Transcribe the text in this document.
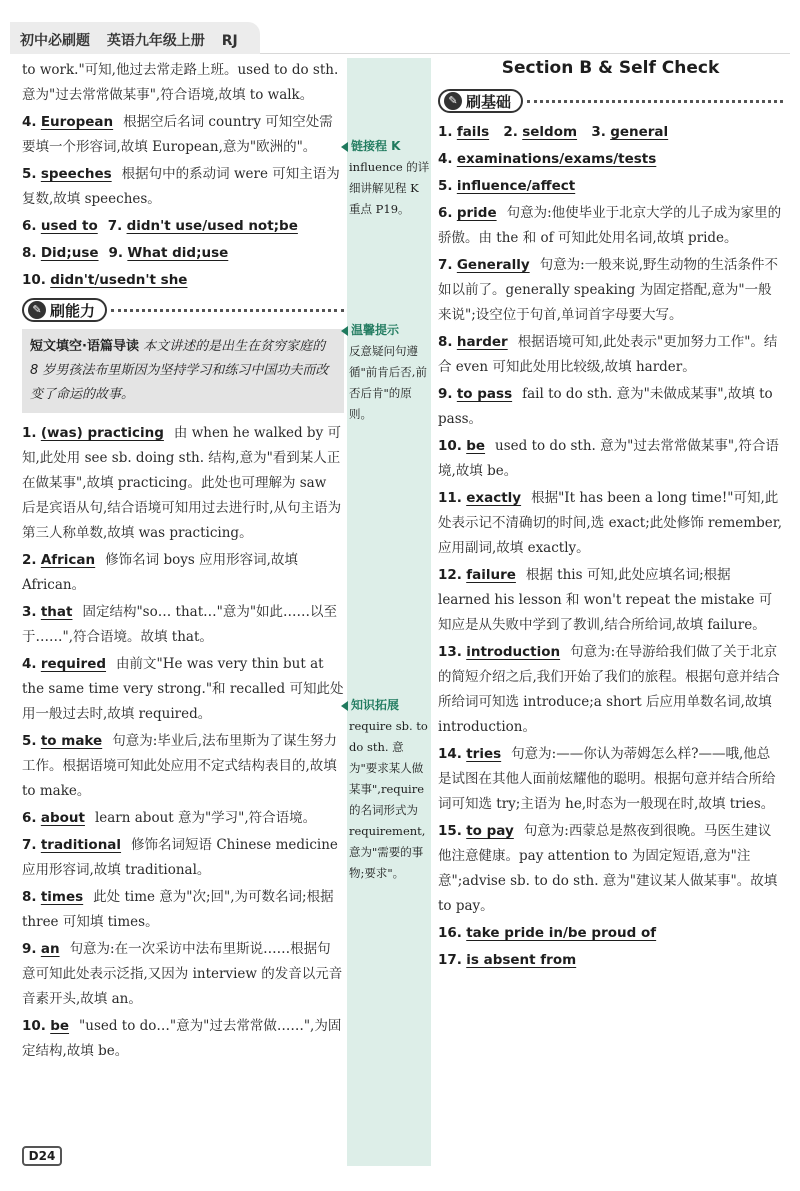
初中必刷题 英语九年级上册 RJ
to work."可知,他过去常走路上班。used to do sth. 意为"过去常常做某事",符合语境,故填 to walk。
4. European 根据空后名词 country 可知空处需要填一个形容词,故填 European,意为"欧洲的"。
5. speeches 根据句中的系动词 were 可知主语为复数,故填 speeches。
6. used to 7. didn't use/used not;be
8. Did;use 9. What did;use
10. didn't/usedn't she
✎ 刷能力
短文填空·语篇导读 本文讲述的是出生在贫穷家庭的 8 岁男孩法布里斯因为坚持学习和练习中国功夫而改变了命运的故事。
1. (was) practicing 由 when he walked by 可知,此处用 see sb. doing sth. 结构,意为"看到某人正在做某事",故填 practicing。此处也可理解为 saw 后是宾语从句,结合语境可知用过去进行时,从句主语为第三人称单数,故填 was practicing。
2. African 修饰名词 boys 应用形容词,故填 African。
3. that 固定结构"so… that…"意为"如此……以至于……",符合语境。故填 that。
4. required 由前文"He was very thin but at the same time very strong."和 recalled 可知此处用一般过去时,故填 required。
5. to make 句意为:毕业后,法布里斯为了谋生努力工作。根据语境可知此处应用不定式结构表目的,故填 to make。
6. about learn about 意为"学习",符合语境。
7. traditional 修饰名词短语 Chinese medicine 应用形容词,故填 traditional。
8. times 此处 time 意为"次;回",为可数名词;根据 three 可知填 times。
9. an 句意为:在一次采访中法布里斯说……根据句意可知此处表示泛指,又因为 interview 的发音以元音音素开头,故填 an。
10. be "used to do…"意为"过去常常做……",为固定结构,故填 be。
链接程 K
influence 的详细讲解见程 K 重点 P19。
温馨提示
反意疑问句遵循"前肯后否,前否后肯"的原则。
知识拓展
require sb. to do sth. 意为"要求某人做某事",require 的名词形式为 requirement,意为"需要的事物;要求"。
Section B & Self Check
✎ 刷基础
1. fails 2. seldom 3. general
4. examinations/exams/tests
5. influence/affect
6. pride 句意为:他使毕业于北京大学的儿子成为家里的骄傲。由 the 和 of 可知此处用名词,故填 pride。
7. Generally 句意为:一般来说,野生动物的生活条件不如以前了。generally speaking 为固定搭配,意为"一般来说";设空位于句首,单词首字母要大写。
8. harder 根据语境可知,此处表示"更加努力工作"。结合 even 可知此处用比较级,故填 harder。
9. to pass fail to do sth. 意为"未做成某事",故填 to pass。
10. be used to do sth. 意为"过去常常做某事",符合语境,故填 be。
11. exactly 根据"It has been a long time!"可知,此处表示记不清确切的时间,选 exact;此处修饰 remember,应用副词,故填 exactly。
12. failure 根据 this 可知,此处应填名词;根据 learned his lesson 和 won't repeat the mistake 可知应是从失败中学到了教训,结合所给词,故填 failure。
13. introduction 句意为:在导游给我们做了关于北京的简短介绍之后,我们开始了我们的旅程。根据句意并结合所给词可知选 introduce;a short 后应用单数名词,故填 introduction。
14. tries 句意为:——你认为蒂姆怎么样?——哦,他总是试图在其他人面前炫耀他的聪明。根据句意并结合所给词可知选 try;主语为 he,时态为一般现在时,故填 tries。
15. to pay 句意为:西蒙总是熬夜到很晚。马医生建议他注意健康。pay attention to 为固定短语,意为"注意";advise sb. to do sth. 意为"建议某人做某事"。故填 to pay。
16. take pride in/be proud of
17. is absent from
D24
